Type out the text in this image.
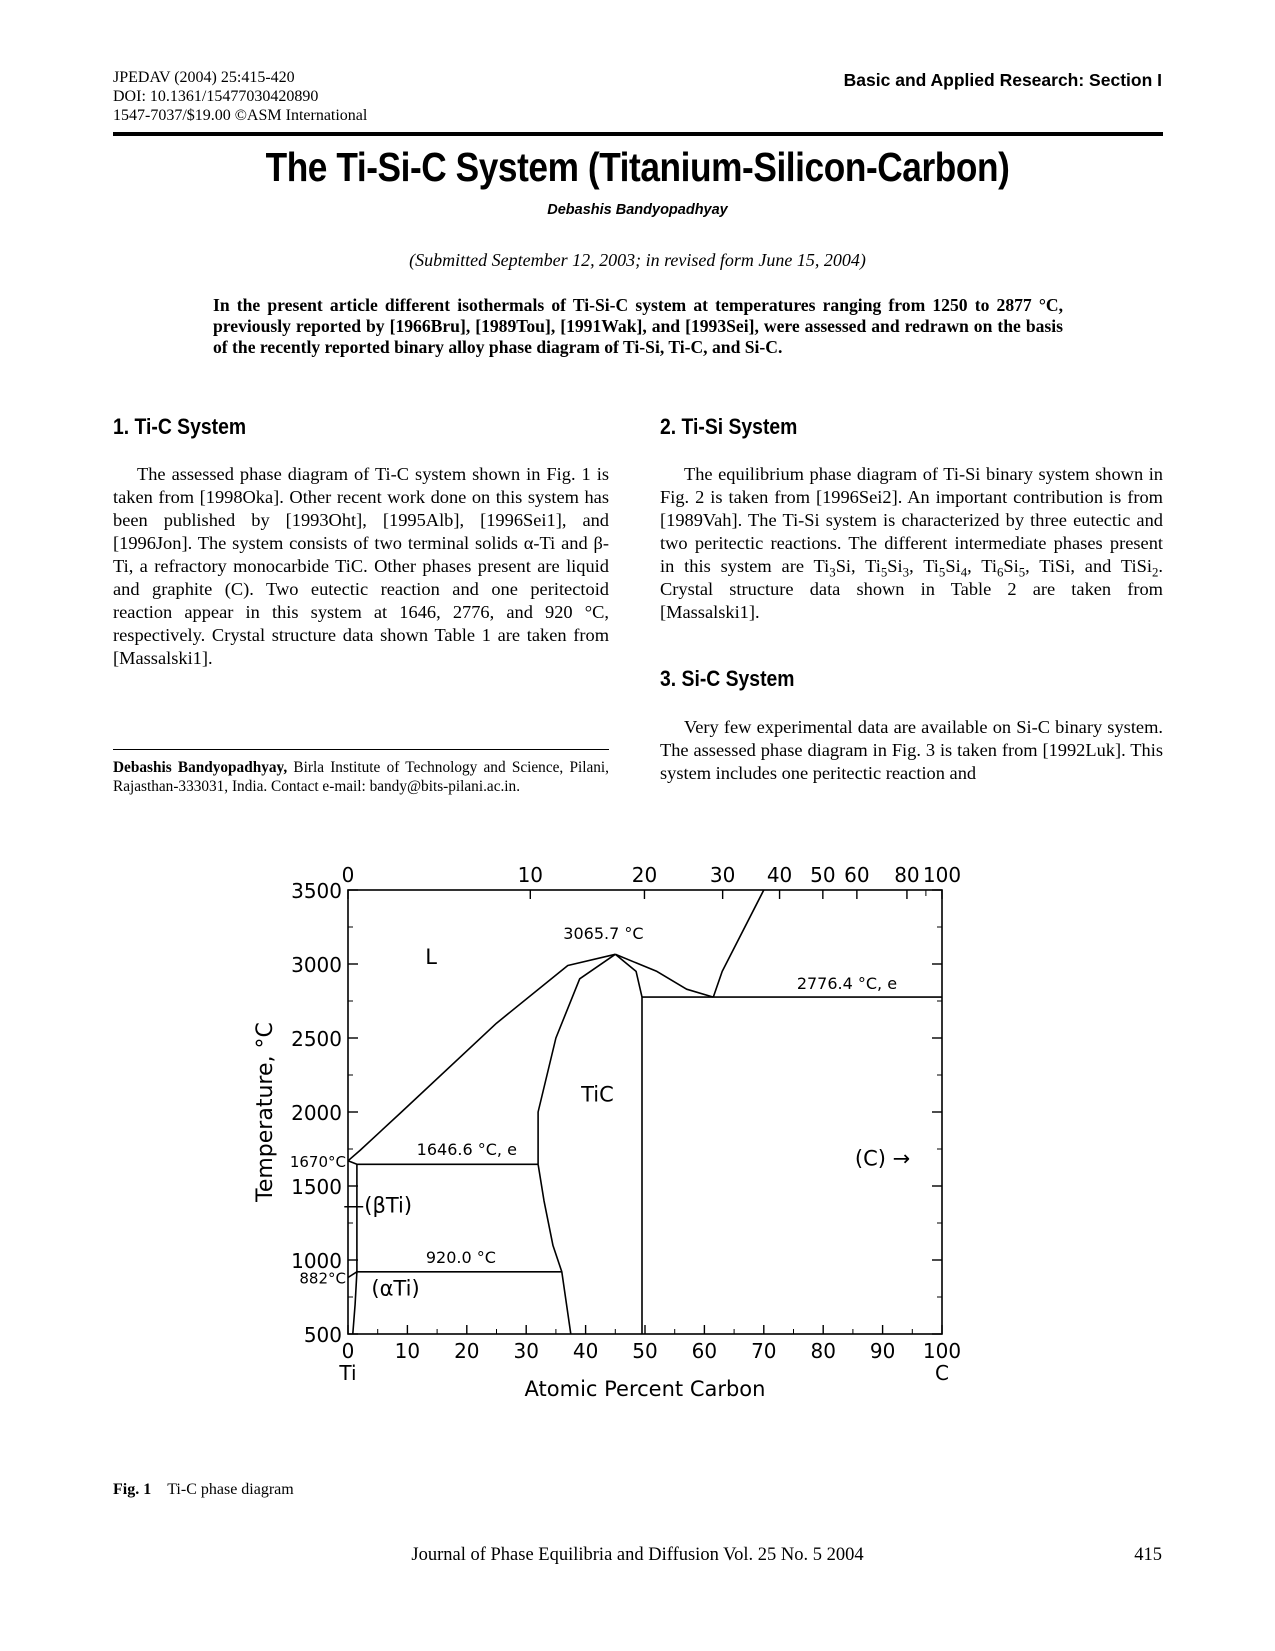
JPEDAV (2004) 25:415-420
DOI: 10.1361/15477030420890
1547-7037/$19.00 ©ASM International
Basic and Applied Research: Section I
The Ti-Si-C System (Titanium-Silicon-Carbon)
Debashis Bandyopadhyay
(Submitted September 12, 2003; in revised form June 15, 2004)
In the present article different isothermals of Ti-Si-C system at temperatures ranging from 1250 to 2877 °C, previously reported by [1966Bru], [1989Tou], [1991Wak], and [1993Sei], were assessed and redrawn on the basis of the recently reported binary alloy phase diagram of Ti-Si, Ti-C, and Si-C.
1. Ti-C System
The assessed phase diagram of Ti-C system shown in Fig. 1 is taken from [1998Oka]. Other recent work done on this system has been published by [1993Oht], [1995Alb], [1996Sei1], and [1996Jon]. The system consists of two terminal solids α-Ti and β-Ti, a refractory monocarbide TiC. Other phases present are liquid and graphite (C). Two eutectic reaction and one peritectoid reaction appear in this system at 1646, 2776, and 920 °C, respectively. Crystal structure data shown Table 1 are taken from [Massalski1].
2. Ti-Si System
The equilibrium phase diagram of Ti-Si binary system shown in Fig. 2 is taken from [1996Sei2]. An important contribution is from [1989Vah]. The Ti-Si system is characterized by three eutectic and two peritectic reactions. The different intermediate phases present in this system are $Ti_3Si$, $Ti_5Si_3$, $Ti_5Si_4$, $Ti_6Si_5$, TiSi, and TiSi$_2$. Crystal structure data shown in Table 2 are taken from [Massalski1].
3. Si-C System
Very few experimental data are available on Si-C binary system. The assessed phase diagram in Fig. 3 is taken from [1992Luk]. This system includes one peritectic reaction and
Debashis Bandyopadhyay, Birla Institute of Technology and Science, Pilani, Rajasthan-333031, India. Contact e-mail: bandy@bits-pilani.ac.in.
0 10 20 30 40 50 60 70 80 90 100
500
1000
1500
2000
2500
3000
3500
0	10	20	30 40 50 60 80 100
3065.7 °C
2776.4 °C, e
1646.6 °C, e
920.0 °C
L
TiC
(C) →
—(βTi)
(αTi)
1670°C
882°C
Atomic Percent Carbon
Ti	C
Temperature, °C
Fig. 1 Ti-C phase diagram
Journal of Phase Equilibria and Diffusion Vol. 25 No. 5 2004	415
